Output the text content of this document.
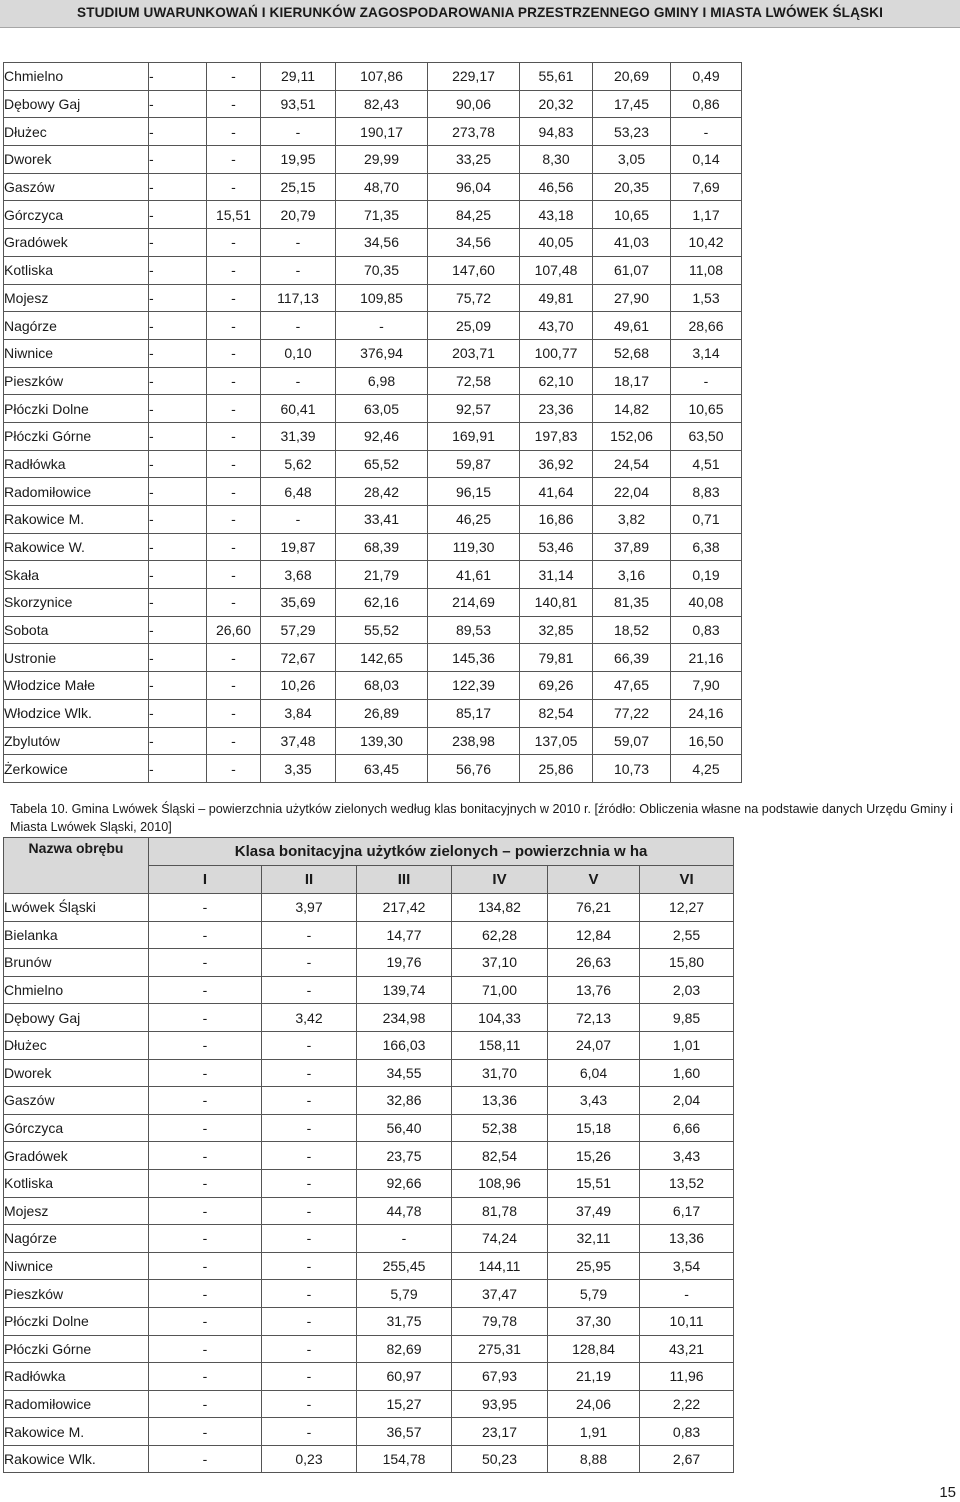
STUDIUM UWARUNKOWAŃ I KIERUNKÓW ZAGOSPODAROWANIA PRZESTRZENNEGO GMINY I MIASTA LWÓWEK ŚLĄSKI
Chmielno	-	-	29,11	107,86	229,17	55,61	20,69	0,49
Dębowy Gaj	-	-	93,51	82,43	90,06	20,32	17,45	0,86
Dłużec	-	-	-	190,17	273,78	94,83	53,23	-
Dworek	-	-	19,95	29,99	33,25	8,30	3,05	0,14
Gaszów	-	-	25,15	48,70	96,04	46,56	20,35	7,69
Górczyca	-	15,51	20,79	71,35	84,25	43,18	10,65	1,17
Gradówek	-	-	-	34,56	34,56	40,05	41,03	10,42
Kotliska	-	-	-	70,35	147,60	107,48	61,07	11,08
Mojesz	-	-	117,13	109,85	75,72	49,81	27,90	1,53
Nagórze	-	-	-	-	25,09	43,70	49,61	28,66
Niwnice	-	-	0,10	376,94	203,71	100,77	52,68	3,14
Pieszków	-	-	-	6,98	72,58	62,10	18,17	-
Płóczki Dolne	-	-	60,41	63,05	92,57	23,36	14,82	10,65
Płóczki Górne	-	-	31,39	92,46	169,91	197,83	152,06	63,50
Radłówka	-	-	5,62	65,52	59,87	36,92	24,54	4,51
Radomiłowice	-	-	6,48	28,42	96,15	41,64	22,04	8,83
Rakowice M.	-	-	-	33,41	46,25	16,86	3,82	0,71
Rakowice W.	-	-	19,87	68,39	119,30	53,46	37,89	6,38
Skała	-	-	3,68	21,79	41,61	31,14	3,16	0,19
Skorzynice	-	-	35,69	62,16	214,69	140,81	81,35	40,08
Sobota	-	26,60	57,29	55,52	89,53	32,85	18,52	0,83
Ustronie	-	-	72,67	142,65	145,36	79,81	66,39	21,16
Włodzice Małe	-	-	10,26	68,03	122,39	69,26	47,65	7,90
Włodzice Wlk.	-	-	3,84	26,89	85,17	82,54	77,22	24,16
Zbylutów	-	-	37,48	139,30	238,98	137,05	59,07	16,50
Żerkowice	-	-	3,35	63,45	56,76	25,86	10,73	4,25
Tabela 10. Gmina Lwówek Śląski – powierzchnia użytków zielonych według klas bonitacyjnych w 2010 r. [źródło: Obliczenia własne na podstawie danych Urzędu Gminy i Miasta Lwówek Sląski, 2010]
Nazwa obrębu	Klasa bonitacyjna użytków zielonych – powierzchnia w ha					
	I	II	III	IV	V	VI
Lwówek Śląski	-	3,97	217,42	134,82	76,21	12,27
Bielanka	-	-	14,77	62,28	12,84	2,55
Brunów	-	-	19,76	37,10	26,63	15,80
Chmielno	-	-	139,74	71,00	13,76	2,03
Dębowy Gaj	-	3,42	234,98	104,33	72,13	9,85
Dłużec	-	-	166,03	158,11	24,07	1,01
Dworek	-	-	34,55	31,70	6,04	1,60
Gaszów	-	-	32,86	13,36	3,43	2,04
Górczyca	-	-	56,40	52,38	15,18	6,66
Gradówek	-	-	23,75	82,54	15,26	3,43
Kotliska	-	-	92,66	108,96	15,51	13,52
Mojesz	-	-	44,78	81,78	37,49	6,17
Nagórze	-	-	-	74,24	32,11	13,36
Niwnice	-	-	255,45	144,11	25,95	3,54
Pieszków	-	-	5,79	37,47	5,79	-
Płóczki Dolne	-	-	31,75	79,78	37,30	10,11
Płóczki Górne	-	-	82,69	275,31	128,84	43,21
Radłówka	-	-	60,97	67,93	21,19	11,96
Radomiłowice	-	-	15,27	93,95	24,06	2,22
Rakowice M.	-	-	36,57	23,17	1,91	0,83
Rakowice Wlk.	-	0,23	154,78	50,23	8,88	2,67
15
